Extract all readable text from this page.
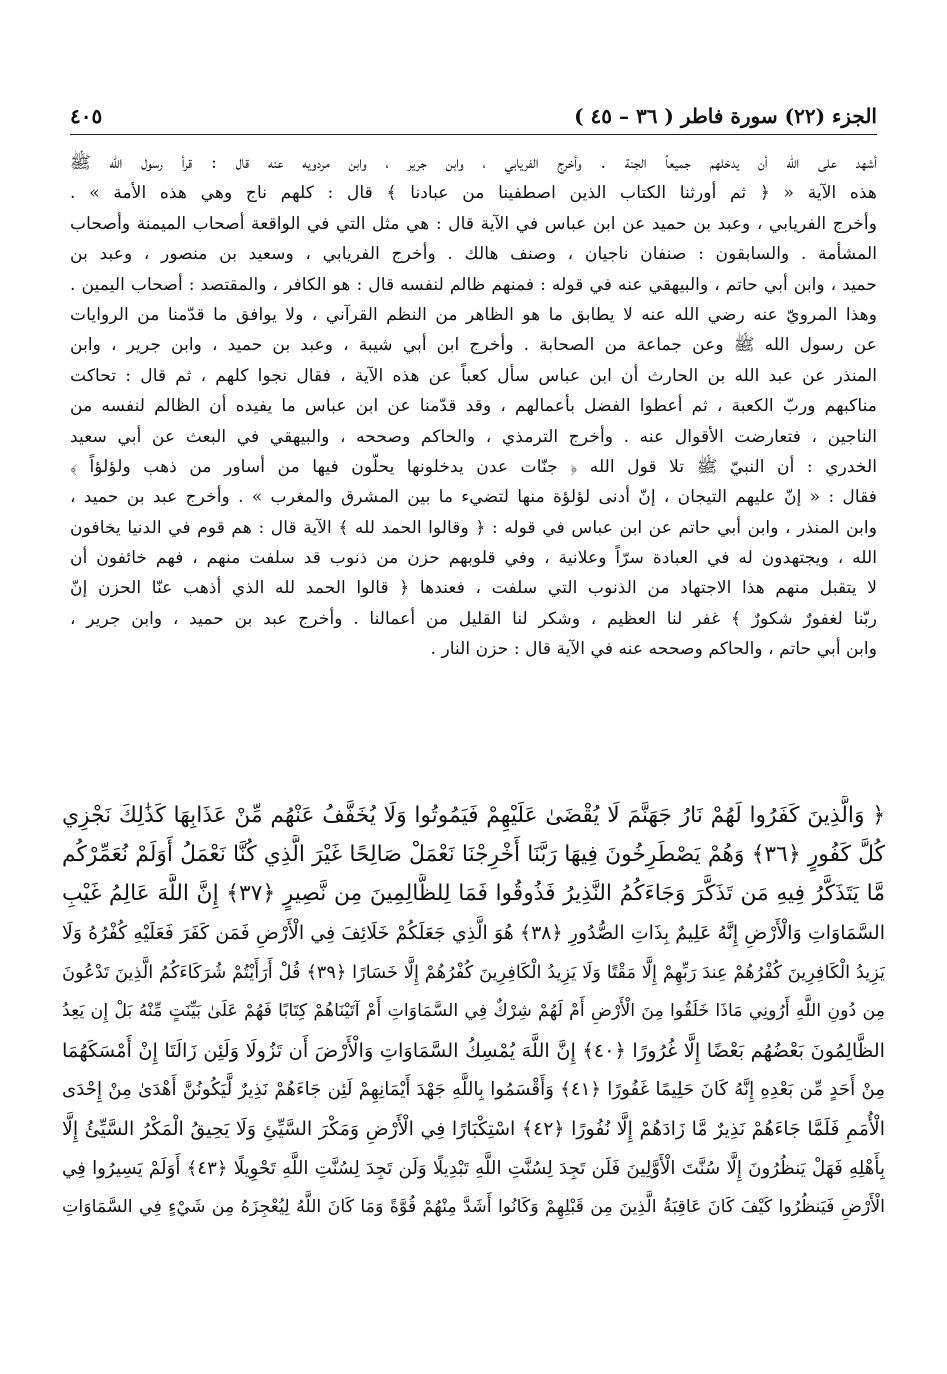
الجزء (٢٢) سورة فاطر ( ٣٦ – ٤٥ )
٤٠٥
أشهد على الله أن يدخلهم جميعاً الجنة . وأخرج الفريابي ، وابن جرير ، وابن مردويه عنه قال : قرأ رسول الله ﷺ
هذه الآية « ﴿ ثم أورثنا الكتاب الذين اصطفينا من عبادنا ﴾ قال : كلهم ناج وهي هذه الأمة » .
وأخرج الفريابي ، وعبد بن حميد عن ابن عباس في الآية قال : هي مثل التي في الواقعة أصحاب الميمنة وأصحاب
المشأمة . والسابقون : صنفان ناجيان ، وصنف هالك . وأخرج الفريابي ، وسعيد بن منصور ، وعبد بن
حميد ، وابن أبي حاتم ، والبيهقي عنه في قوله : فمنهم ظالم لنفسه قال : هو الكافر ، والمقتصد : أصحاب اليمين .
وهذا المرويّ عنه رضي الله عنه لا يطابق ما هو الظاهر من النظم القرآني ، ولا يوافق ما قدّمنا من الروايات
عن رسول الله ﷺ وعن جماعة من الصحابة . وأخرج ابن أبي شيبة ، وعبد بن حميد ، وابن جرير ، وابن
المنذر عن عبد الله بن الحارث أن ابن عباس سأل كعباً عن هذه الآية ، فقال نجوا كلهم ، ثم قال : تحاكت
مناكبهم وربّ الكعبة ، ثم أعطوا الفضل بأعمالهم ، وقد قدّمنا عن ابن عباس ما يفيده أن الظالم لنفسه من
الناجين ، فتعارضت الأقوال عنه . وأخرج الترمذي ، والحاكم وصححه ، والبيهقي في البعث عن أبي سعيد
الخدري : أن النبيّ ﷺ تلا قول الله ﴿ جنّات عدن يدخلونها يحلّون فيها من أساور من ذهب ولؤلؤاً ﴾
فقال : « إنّ عليهم التيجان ، إنّ أدنى لؤلؤة منها لتضيء ما بين المشرق والمغرب » . وأخرج عبد بن حميد ،
وابن المنذر ، وابن أبي حاتم عن ابن عباس في قوله : ﴿ وقالوا الحمد لله ﴾ الآية قال : هم قوم في الدنيا يخافون
الله ، ويجتهدون له في العبادة سرّاً وعلانية ، وفي قلوبهم حزن من ذنوب قد سلفت منهم ، فهم خائفون أن
لا يتقبل منهم هذا الاجتهاد من الذنوب التي سلفت ، فعندها ﴿ قالوا الحمد لله الذي أذهب عنّا الحزن إنّ
ربّنا لغفورٌ شكورٌ ﴾ غفر لنا العظيم ، وشكر لنا القليل من أعمالنا . وأخرج عبد بن حميد ، وابن جرير ،
وابن أبي حاتم ، والحاكم وصححه عنه في الآية قال : حزن النار .
﴿ وَالَّذِينَ كَفَرُوا لَهُمْ نَارُ جَهَنَّمَ لَا يُقْضَىٰ عَلَيْهِمْ فَيَمُوتُوا وَلَا يُخَفَّفُ عَنْهُم مِّنْ عَذَابِهَا كَذَٰلِكَ نَجْزِي
كُلَّ كَفُورٍ ﴿٣٦﴾ وَهُمْ يَصْطَرِخُونَ فِيهَا رَبَّنَا أَخْرِجْنَا نَعْمَلْ صَالِحًا غَيْرَ الَّذِي كُنَّا نَعْمَلُ أَوَلَمْ نُعَمِّرْكُم
مَّا يَتَذَكَّرُ فِيهِ مَن تَذَكَّرَ وَجَاءَكُمُ النَّذِيرُ فَذُوقُوا فَمَا لِلظَّالِمِينَ مِن نَّصِيرٍ ﴿٣٧﴾ إِنَّ اللَّهَ عَالِمُ غَيْبِ
السَّمَاوَاتِ وَالْأَرْضِ إِنَّهُ عَلِيمٌ بِذَاتِ الصُّدُورِ ﴿٣٨﴾ هُوَ الَّذِي جَعَلَكُمْ خَلَائِفَ فِي الْأَرْضِ فَمَن كَفَرَ فَعَلَيْهِ كُفْرُهُ وَلَا
يَزِيدُ الْكَافِرِينَ كُفْرُهُمْ عِندَ رَبِّهِمْ إِلَّا مَقْتًا وَلَا يَزِيدُ الْكَافِرِينَ كُفْرُهُمْ إِلَّا خَسَارًا ﴿٣٩﴾ قُلْ أَرَأَيْتُمْ شُرَكَاءَكُمُ الَّذِينَ تَدْعُونَ
مِن دُونِ اللَّهِ أَرُونِي مَاذَا خَلَقُوا مِنَ الْأَرْضِ أَمْ لَهُمْ شِرْكٌ فِي السَّمَاوَاتِ أَمْ آتَيْنَاهُمْ كِتَابًا فَهُمْ عَلَىٰ بَيِّنَتٍ مِّنْهُ بَلْ إِن يَعِدُ
الظَّالِمُونَ بَعْضُهُم بَعْضًا إِلَّا غُرُورًا ﴿٤٠﴾ إِنَّ اللَّهَ يُمْسِكُ السَّمَاوَاتِ وَالْأَرْضَ أَن تَزُولَا وَلَئِن زَالَتَا إِنْ أَمْسَكَهُمَا
مِنْ أَحَدٍ مِّن بَعْدِهِ إِنَّهُ كَانَ حَلِيمًا غَفُورًا ﴿٤١﴾ وَأَقْسَمُوا بِاللَّهِ جَهْدَ أَيْمَانِهِمْ لَئِن جَاءَهُمْ نَذِيرٌ لَّيَكُونُنَّ أَهْدَىٰ مِنْ إِحْدَى
الْأُمَمِ فَلَمَّا جَاءَهُمْ نَذِيرٌ مَّا زَادَهُمْ إِلَّا نُفُورًا ﴿٤٢﴾ اسْتِكْبَارًا فِي الْأَرْضِ وَمَكْرَ السَّيِّئِ وَلَا يَحِيقُ الْمَكْرُ السَّيِّئُ إِلَّا
بِأَهْلِهِ فَهَلْ يَنظُرُونَ إِلَّا سُنَّتَ الْأَوَّلِينَ فَلَن تَجِدَ لِسُنَّتِ اللَّهِ تَبْدِيلًا وَلَن تَجِدَ لِسُنَّتِ اللَّهِ تَحْوِيلًا ﴿٤٣﴾ أَوَلَمْ يَسِيرُوا فِي
الْأَرْضِ فَيَنظُرُوا كَيْفَ كَانَ عَاقِبَةُ الَّذِينَ مِن قَبْلِهِمْ وَكَانُوا أَشَدَّ مِنْهُمْ قُوَّةً وَمَا كَانَ اللَّهُ لِيُعْجِزَهُ مِن شَيْءٍ فِي السَّمَاوَاتِ
